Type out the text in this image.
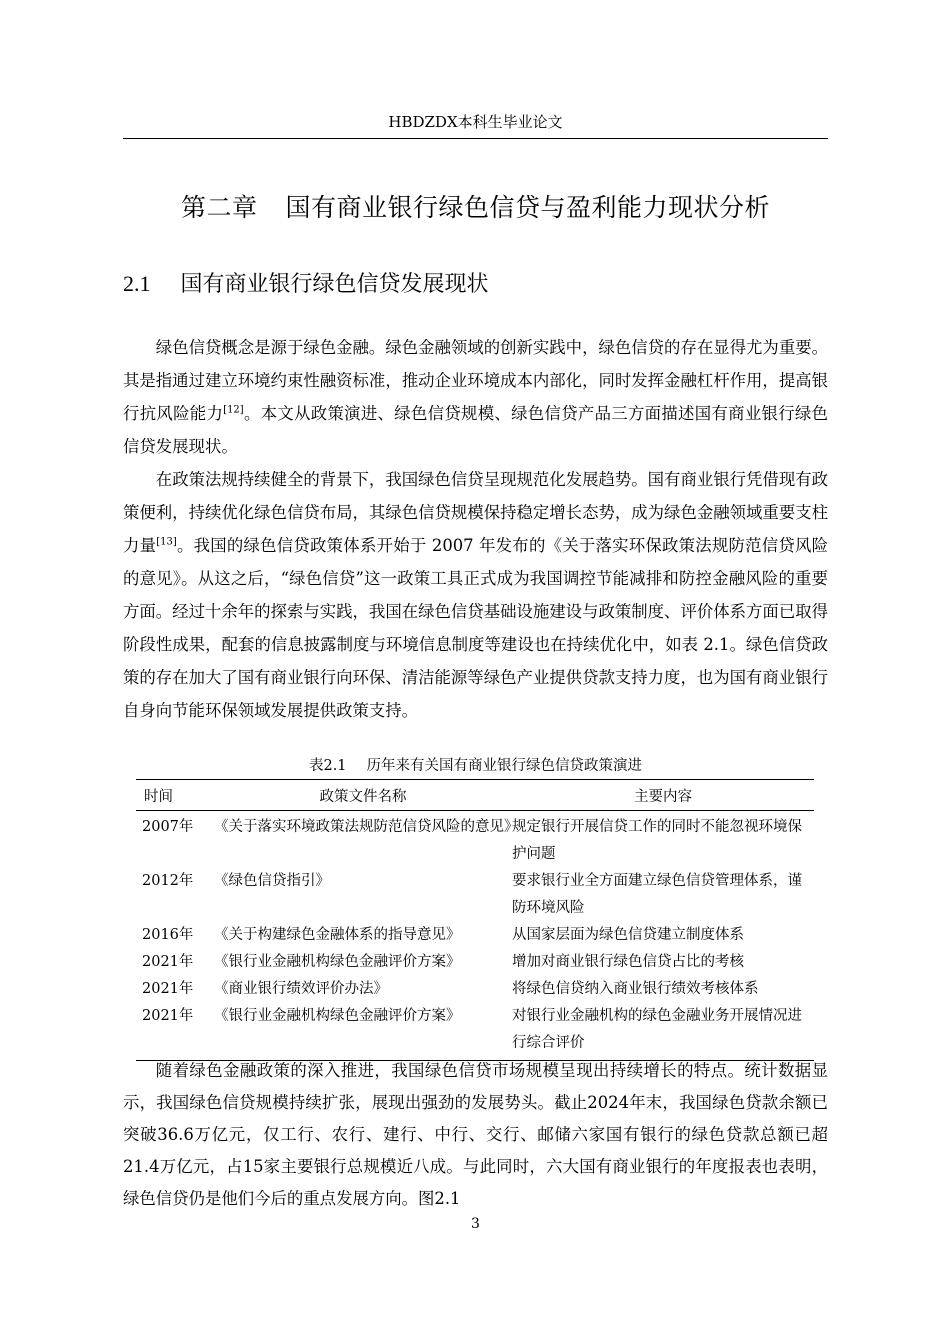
HBDZDX本科生毕业论文
第二章 国有商业银行绿色信贷与盈利能力现状分析
2.1 国有商业银行绿色信贷发展现状

绿色信贷概念是源于绿色金融。绿色金融领域的创新实践中，绿色信贷的存在显得尤为重要。其是指通过建立环境约束性融资标准，推动企业环境成本内部化，同时发挥金融杠杆作用，提高银行抗风险能力[12]。本文从政策演进、绿色信贷规模、绿色信贷产品三方面描述国有商业银行绿色信贷发展现状。

在政策法规持续健全的背景下，我国绿色信贷呈现规范化发展趋势。国有商业银行凭借现有政策便利，持续优化绿色信贷布局，其绿色信贷规模保持稳定增长态势，成为绿色金融领域重要支柱力量[13]。我国的绿色信贷政策体系开始于 2007 年发布的《关于落实环保政策法规防范信贷风险的意见》。从这之后，“绿色信贷”这一政策工具正式成为我国调控节能减排和防控金融风险的重要方面。经过十余年的探索与实践，我国在绿色信贷基础设施建设与政策制度、评价体系方面已取得阶段性成果，配套的信息披露制度与环境信息制度等建设也在持续优化中，如表 2.1。绿色信贷政策的存在加大了国有商业银行向环保、清洁能源等绿色产业提供贷款支持力度，也为国有商业银行自身向节能环保领域发展提供政策支持。

表2.1 历年来有关国有商业银行绿色信贷政策演进
时间	政策文件名称	主要内容
2007年	《关于落实环境政策法规防范信贷风险的意见》	规定银行开展信贷工作的同时不能忽视环境保护问题
2012年	《绿色信贷指引》	要求银行业全方面建立绿色信贷管理体系，谨防环境风险
2016年	《关于构建绿色金融体系的指导意见》	从国家层面为绿色信贷建立制度体系
2021年	《银行业金融机构绿色金融评价方案》	增加对商业银行绿色信贷占比的考核
2021年	《商业银行绩效评价办法》	将绿色信贷纳入商业银行绩效考核体系
2021年	《银行业金融机构绿色金融评价方案》	对银行业金融机构的绿色金融业务开展情况进行综合评价

随着绿色金融政策的深入推进，我国绿色信贷市场规模呈现出持续增长的特点。统计数据显示，我国绿色信贷规模持续扩张，展现出强劲的发展势头。截止2024年末，我国绿色贷款余额已突破36.6万亿元，仅工行、农行、建行、中行、交行、邮储六家国有银行的绿色贷款总额已超21.4万亿元，占15家主要银行总规模近八成。与此同时，六大国有商业银行的年度报表也表明，绿色信贷仍是他们今后的重点发展方向。图2.1

3
